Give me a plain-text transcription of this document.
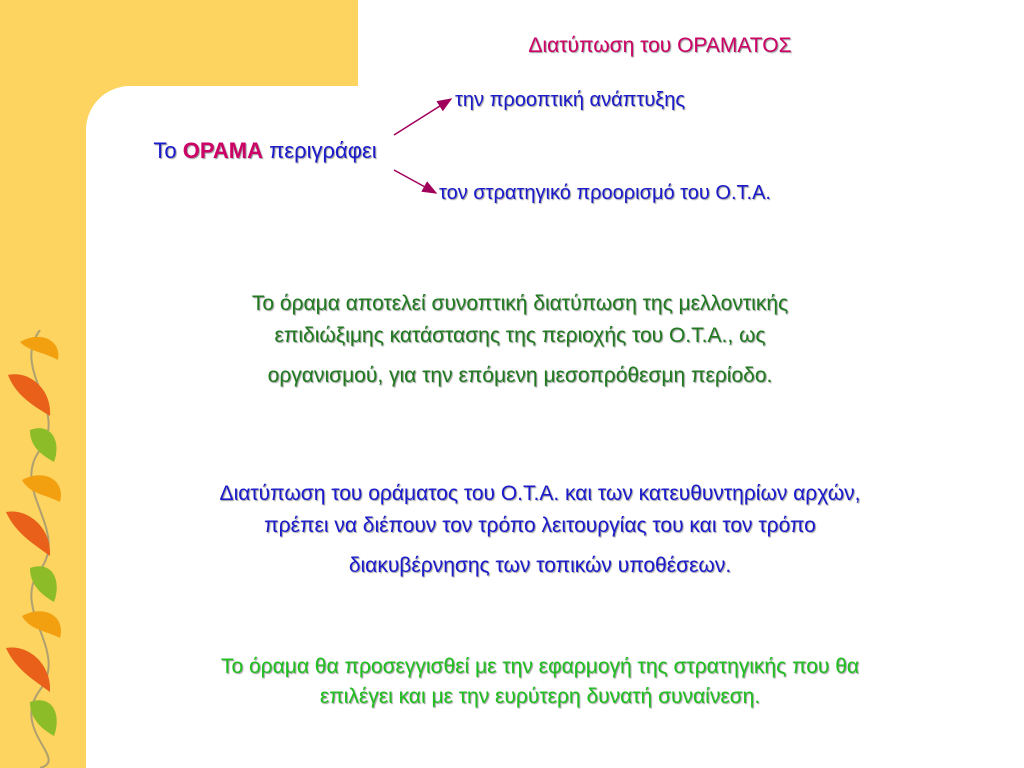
Διατύπωση του ΟΡΑΜΑΤΟΣ
Το ΟΡΑΜΑ περιγράφει
την προοπτική ανάπτυξης
τον στρατηγικό προορισμό του Ο.Τ.Α.
Το όραμα αποτελεί συνοπτική διατύπωση της μελλοντικής
επιδιώξιμης κατάστασης της περιοχής του Ο.Τ.Α., ως
οργανισμού, για την επόμενη μεσοπρόθεσμη περίοδο.
Διατύπωση του οράματος του Ο.Τ.Α. και των κατευθυντηρίων αρχών,
πρέπει να διέπουν τον τρόπο λειτουργίας του και τον τρόπο
διακυβέρνησης των τοπικών υποθέσεων.
Το όραμα θα προσεγγισθεί με την εφαρμογή της στρατηγικής που θα
επιλέγει και με την ευρύτερη δυνατή συναίνεση.
